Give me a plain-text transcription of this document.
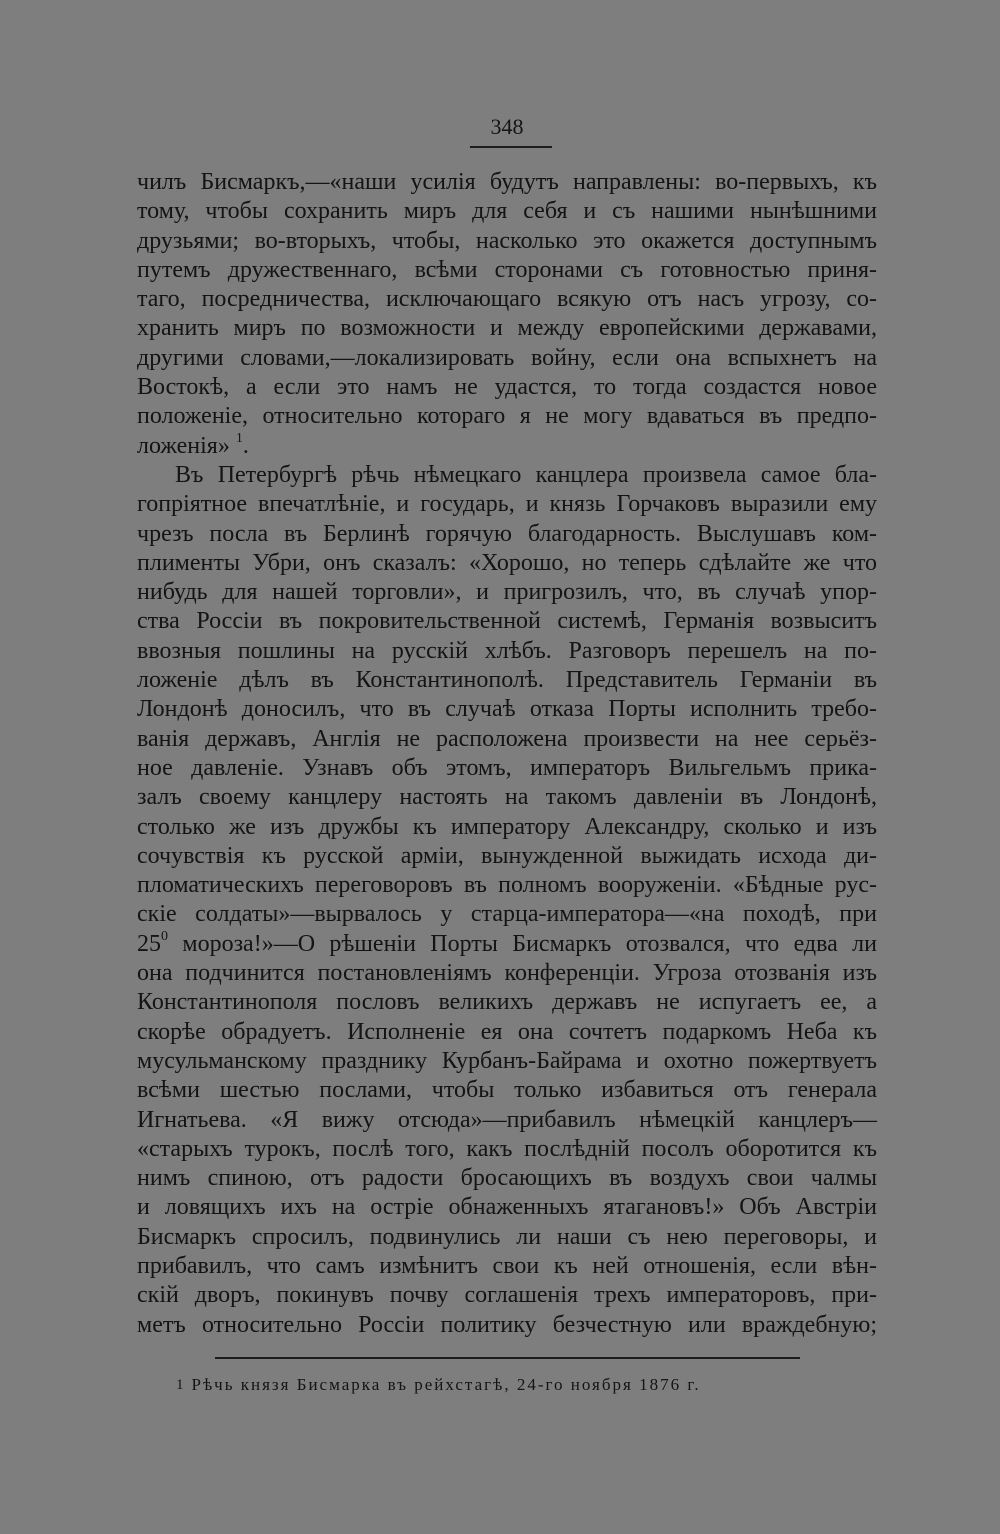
348
чилъ Бисмаркъ,—«наши усилія будутъ направлены: во-первыхъ, къ
тому, чтобы сохранить миръ для себя и съ нашими нынѣшними
друзьями; во-вторыхъ, чтобы, насколько это окажется доступнымъ
путемъ дружественнаго, всѣми сторонами съ готовностью приня-
таго, посредничества, исключающаго всякую отъ насъ угрозу, со-
хранить миръ по возможности и между европейскими державами,
другими словами,—локализировать войну, если она вспыхнетъ на
Востокѣ, а если это намъ не удастся, то тогда создастся новое
положеніе, относительно котораго я не могу вдаваться въ предпо-
ложенія» $^1$.
Въ Петербургѣ рѣчь нѣмецкаго канцлера произвела самое бла-
гопріятное впечатлѣніе, и государь, и князь Горчаковъ выразили ему
чрезъ посла въ Берлинѣ горячую благодарность. Выслушавъ ком-
плименты Убри, онъ сказалъ: «Хорошо, но теперь сдѣлайте же что
нибудь для нашей торговли», и пригрозилъ, что, въ случаѣ упор-
ства Россіи въ покровительственной системѣ, Германія возвыситъ
ввозныя пошлины на русскій хлѣбъ. Разговоръ перешелъ на по-
ложеніе дѣлъ въ Константинополѣ. Представитель Германіи въ
Лондонѣ доносилъ, что въ случаѣ отказа Порты исполнить требо-
ванія державъ, Англія не расположена произвести на нее серьёз-
ное давленіе. Узнавъ объ этомъ, императоръ Вильгельмъ прика-
залъ своему канцлеру настоять на такомъ давленіи въ Лондонѣ,
столько же изъ дружбы къ императору Александру, сколько и изъ
сочувствія къ русской арміи, вынужденной выжидать исхода ди-
пломатическихъ переговоровъ въ полномъ вооруженіи. «Бѣдные рус-
скіе солдаты»—вырвалось у старца-императора—«на походѣ, при
$25^0$ мороза!»—О рѣшеніи Порты Бисмаркъ отозвался, что едва ли
она подчинится постановленіямъ конференціи. Угроза отозванія изъ
Константинополя пословъ великихъ державъ не испугаетъ ее, а
скорѣе обрадуетъ. Исполненіе ея она сочтетъ подаркомъ Неба къ
мусульманскому празднику Курбанъ-Байрама и охотно пожертвуетъ
всѣми шестью послами, чтобы только избавиться отъ генерала
Игнатьева. «Я вижу отсюда»—прибавилъ нѣмецкій канцлеръ—
«старыхъ турокъ, послѣ того, какъ послѣдній посолъ оборотится къ
нимъ спиною, отъ радости бросающихъ въ воздухъ свои чалмы
и ловящихъ ихъ на остріе обнаженныхъ ятагановъ!» Объ Австріи
Бисмаркъ спросилъ, подвинулись ли наши съ нею переговоры, и
прибавилъ, что самъ измѣнитъ свои къ ней отношенія, если вѣн-
скій дворъ, покинувъ почву соглашенія трехъ императоровъ, при-
метъ относительно Россіи политику безчестную или враждебную;
1 Рѣчь князя Бисмарка въ рейхстагѣ, 24-го ноября 1876 г.
